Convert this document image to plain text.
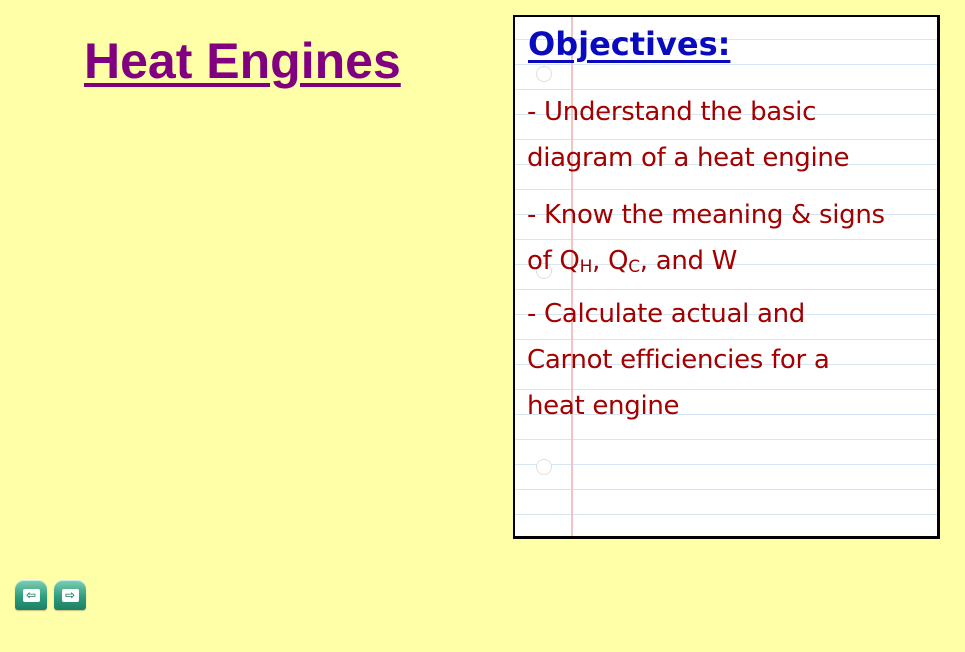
Heat Engines	Objectives:
- Understand the basic
diagram of a heat engine
- Know the meaning & signs
of QH, QC, and W
- Calculate actual and
Carnot efficiencies for a
heat engine
⇦ ⇨
